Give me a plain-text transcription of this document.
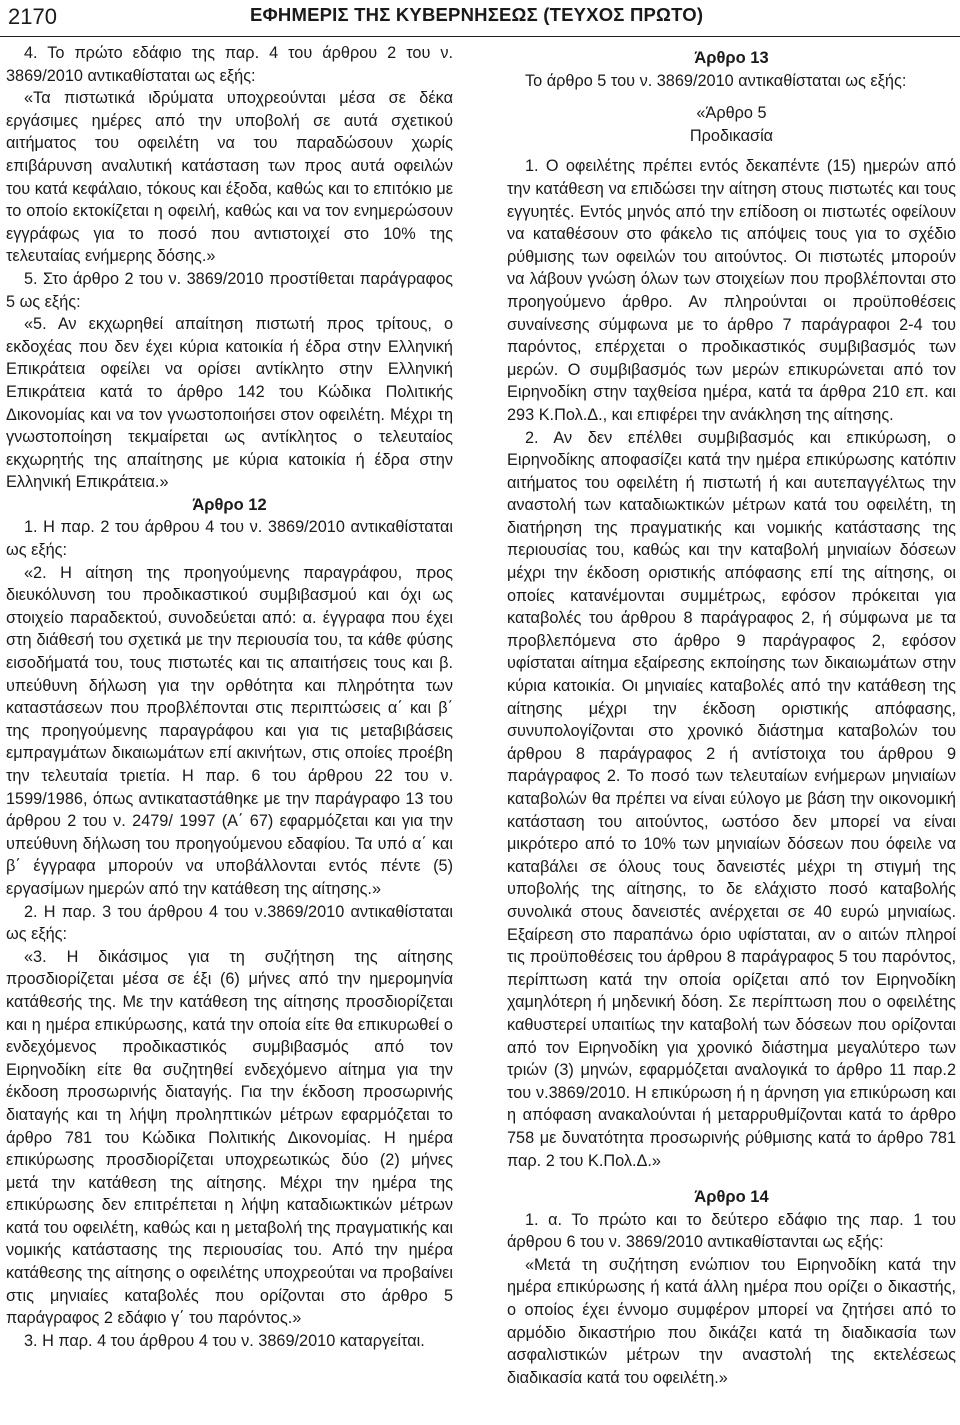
2170	ΕΦΗΜΕΡΙΣ ΤΗΣ ΚΥΒΕΡΝΗΣΕΩΣ (ΤΕΥΧΟΣ ΠΡΩΤΟ)

4. Το πρώτο εδάφιο της παρ. 4 του άρθρου 2 του ν. 3869/2010 αντικαθίσταται ως εξής:

«Τα πιστωτικά ιδρύματα υποχρεούνται μέσα σε δέκα εργάσιμες ημέρες από την υποβολή σε αυτά σχετικού αιτήματος του οφειλέτη να του παραδώσουν χωρίς επιβάρυνση αναλυτική κατάσταση των προς αυτά οφειλών του κατά κεφάλαιο, τόκους και έξοδα, καθώς και το επιτόκιο με το οποίο εκτοκίζεται η οφειλή, καθώς και να τον ενημερώσουν εγγράφως για το ποσό που αντιστοιχεί στο 10% της τελευταίας ενήμερης δόσης.»

5. Στο άρθρο 2 του ν. 3869/2010 προστίθεται παράγραφος 5 ως εξής:

«5. Αν εκχωρηθεί απαίτηση πιστωτή προς τρίτους, ο εκδοχέας που δεν έχει κύρια κατοικία ή έδρα στην Ελληνική Επικράτεια οφείλει να ορίσει αντίκλητο στην Ελληνική Επικράτεια κατά το άρθρο 142 του Κώδικα Πολιτικής Δικονομίας και να τον γνωστοποιήσει στον οφειλέτη. Μέχρι τη γνωστοποίηση τεκμαίρεται ως αντίκλητος ο τελευταίος εκχωρητής της απαίτησης με κύρια κατοικία ή έδρα στην Ελληνική Επικράτεια.»

Άρθρο 12

1. Η παρ. 2 του άρθρου 4 του ν. 3869/2010 αντικαθίσταται ως εξής:

«2. Η αίτηση της προηγούμενης παραγράφου, προς διευκόλυνση του προδικαστικού συμβιβασμού και όχι ως στοιχείο παραδεκτού, συνοδεύεται από: α. έγγραφα που έχει στη διάθεσή του σχετικά με την περιουσία του, τα κάθε φύσης εισοδήματά του, τους πιστωτές και τις απαιτήσεις τους και β. υπεύθυνη δήλωση για την ορθότητα και πληρότητα των καταστάσεων που προβλέπονται στις περιπτώσεις α΄ και β΄ της προηγούμενης παραγράφου και για τις μεταβιβάσεις εμπραγμάτων δικαιωμάτων επί ακινήτων, στις οποίες προέβη την τελευταία τριετία. Η παρ. 6 του άρθρου 22 του ν. 1599/1986, όπως αντικαταστάθηκε με την παράγραφο 13 του άρθρου 2 του ν. 2479/ 1997 (Α΄ 67) εφαρμόζεται και για την υπεύθυνη δήλωση του προηγούμενου εδαφίου. Τα υπό α΄ και β΄ έγγραφα μπορούν να υποβάλλονται εντός πέντε (5) εργασίμων ημερών από την κατάθεση της αίτησης.»

2. Η παρ. 3 του άρθρου 4 του ν.3869/2010 αντικαθίσταται ως εξής:

«3. Η δικάσιμος για τη συζήτηση της αίτησης προσδιορίζεται μέσα σε έξι (6) μήνες από την ημερομηνία κατάθεσής της. Με την κατάθεση της αίτησης προσδιορίζεται και η ημέρα επικύρωσης, κατά την οποία είτε θα επικυρωθεί ο ενδεχόμενος προδικαστικός συμβιβασμός από τον Ειρηνοδίκη είτε θα συζητηθεί ενδεχόμενο αίτημα για την έκδοση προσωρινής διαταγής. Για την έκδοση προσωρινής διαταγής και τη λήψη προληπτικών μέτρων εφαρμόζεται το άρθρο 781 του Κώδικα Πολιτικής Δικονομίας. Η ημέρα επικύρωσης προσδιορίζεται υποχρεωτικώς δύο (2) μήνες μετά την κατάθεση της αίτησης. Μέχρι την ημέρα της επικύρωσης δεν επιτρέπεται η λήψη καταδιωκτικών μέτρων κατά του οφειλέτη, καθώς και η μεταβολή της πραγματικής και νομικής κατάστασης της περιουσίας του. Από την ημέρα κατάθεσης της αίτησης ο οφειλέτης υποχρεούται να προβαίνει στις μηνιαίες καταβολές που ορίζονται στο άρθρο 5 παράγραφος 2 εδάφιο γ΄ του παρόντος.»

3. Η παρ. 4 του άρθρου 4 του ν. 3869/2010 καταργείται.

Άρθρο 13

Το άρθρο 5 του ν. 3869/2010 αντικαθίσταται ως εξής:

«Άρθρο 5

Προδικασία

1. Ο οφειλέτης πρέπει εντός δεκαπέντε (15) ημερών από την κατάθεση να επιδώσει την αίτηση στους πιστωτές και τους εγγυητές. Εντός μηνός από την επίδοση οι πιστωτές οφείλουν να καταθέσουν στο φάκελο τις απόψεις τους για το σχέδιο ρύθμισης των οφειλών του αιτούντος. Οι πιστωτές μπορούν να λάβουν γνώση όλων των στοιχείων που προβλέπονται στο προηγούμενο άρθρο. Αν πληρούνται οι προϋποθέσεις συναίνεσης σύμφωνα με το άρθρο 7 παράγραφοι 2-4 του παρόντος, επέρχεται ο προδικαστικός συμβιβασμός των μερών. Ο συμβιβασμός των μερών επικυρώνεται από τον Ειρηνοδίκη στην ταχθείσα ημέρα, κατά τα άρθρα 210 επ. και 293 Κ.Πολ.Δ., και επιφέρει την ανάκληση της αίτησης.

2. Αν δεν επέλθει συμβιβασμός και επικύρωση, ο Ειρηνοδίκης αποφασίζει κατά την ημέρα επικύρωσης κατόπιν αιτήματος του οφειλέτη ή πιστωτή ή και αυτεπαγγέλτως την αναστολή των καταδιωκτικών μέτρων κατά του οφειλέτη, τη διατήρηση της πραγματικής και νομικής κατάστασης της περιουσίας του, καθώς και την καταβολή μηνιαίων δόσεων μέχρι την έκδοση οριστικής απόφασης επί της αίτησης, οι οποίες κατανέμονται συμμέτρως, εφόσον πρόκειται για καταβολές του άρθρου 8 παράγραφος 2, ή σύμφωνα με τα προβλεπόμενα στο άρθρο 9 παράγραφος 2, εφόσον υφίσταται αίτημα εξαίρεσης εκποίησης των δικαιωμάτων στην κύρια κατοικία. Οι μηνιαίες καταβολές από την κατάθεση της αίτησης μέχρι την έκδοση οριστικής απόφασης, συνυπολογίζονται στο χρονικό διάστημα καταβολών του άρθρου 8 παράγραφος 2 ή αντίστοιχα του άρθρου 9 παράγραφος 2. Το ποσό των τελευταίων ενήμερων μηνιαίων καταβολών θα πρέπει να είναι εύλογο με βάση την οικονομική κατάσταση του αιτούντος, ωστόσο δεν μπορεί να είναι μικρότερο από το 10% των μηνιαίων δόσεων που όφειλε να καταβάλει σε όλους τους δανειστές μέχρι τη στιγμή της υποβολής της αίτησης, το δε ελάχιστο ποσό καταβολής συνολικά στους δανειστές ανέρχεται σε 40 ευρώ μηνιαίως. Εξαίρεση στο παραπάνω όριο υφίσταται, αν ο αιτών πληροί τις προϋποθέσεις του άρθρου 8 παράγραφος 5 του παρόντος, περίπτωση κατά την οποία ορίζεται από τον Ειρηνοδίκη χαμηλότερη ή μηδενική δόση. Σε περίπτωση που ο οφειλέτης καθυστερεί υπαιτίως την καταβολή των δόσεων που ορίζονται από τον Ειρηνοδίκη για χρονικό διάστημα μεγαλύτερο των τριών (3) μηνών, εφαρμόζεται αναλογικά το άρθρο 11 παρ.2 του ν.3869/2010. Η επικύρωση ή η άρνηση για επικύρωση και η απόφαση ανακαλούνται ή μεταρρυθμίζονται κατά το άρθρο 758 με δυνατότητα προσωρινής ρύθμισης κατά το άρθρο 781 παρ. 2 του Κ.Πολ.Δ.»

Άρθρο 14

1. α. Το πρώτο και το δεύτερο εδάφιο της παρ. 1 του άρθρου 6 του ν. 3869/2010 αντικαθίστανται ως εξής:

«Μετά τη συζήτηση ενώπιον του Ειρηνοδίκη κατά την ημέρα επικύρωσης ή κατά άλλη ημέρα που ορίζει ο δικαστής, ο οποίος έχει έννομο συμφέρον μπορεί να ζητήσει από το αρμόδιο δικαστήριο που δικάζει κατά τη διαδικασία των ασφαλιστικών μέτρων την αναστολή της εκτελέσεως διαδικασία κατά του οφειλέτη.»
